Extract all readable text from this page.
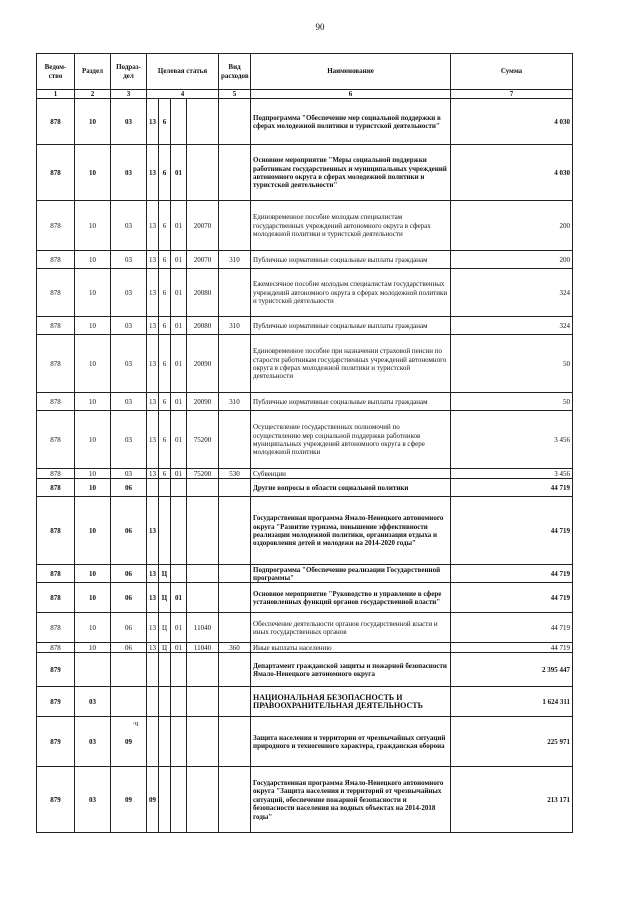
90
Ведом-ство	Раздел	Подраз-дел	Целевая статья				Вид расходов	Наименование	Сумма
1	2	3	4				5	6	7
878	10	03	13	6				Подпрограмма "Обеспечение мер социальной поддержки в сферах молодежной политики и туристской деятельности"	4 030
878	10	03	13	6	01			Основное мероприятие "Меры социальной поддержки работникам государственных и муниципальных учреждений автономного округа в сферах молодежной политики и туристской деятельности"	4 030
878	10	03	13	6	01	20070		Единовременное пособие молодым специалистам государственных учреждений автономного округа в сферах молодежной политики и туристской деятельности	200
878	10	03	13	6	01	20070	310	Публичные нормативные социальные выплаты гражданам	200
878	10	03	13	6	01	20080		Ежемесячное пособие молодым специалистам государственных учреждений автономного округа в сферах молодежной политики и туристской деятельности	324
878	10	03	13	6	01	20080	310	Публичные нормативные социальные выплаты гражданам	324
878	10	03	13	6	01	20090		Единовременное пособие при назначении страховой пенсии по старости работникам государственных учреждений автономного округа в сферах молодежной политики и туристской деятельности	50
878	10	03	13	6	01	20090	310	Публичные нормативные социальные выплаты гражданам	50
878	10	03	13	6	01	75200		Осуществление государственных полномочий по осуществлению мер социальной поддержки работников муниципальных учреждений автономного округа в сфере молодежной политики	3 456
878	10	03	13	6	01	75200	530	Субвенции	3 456
878	10	06						Другие вопросы в области социальной политики	44 719
878	10	06	13					Государственная программа Ямало-Ненецкого автономного округа "Развитие туризма, повышение эффективности реализации молодежной политики, организация отдыха и оздоровления детей и молодежи на 2014-2020 годы"	44 719
878	10	06	13	Ц				Подпрограмма "Обеспечение реализации Государственной программы"	44 719
878	10	06	13	Ц	01			Основное мероприятие "Руководство и управление в сфере установленных функций органов государственной власти"	44 719
878	10	06	13	Ц	01	11040		Обеспечение деятельности органов государственной власти и иных государственных органов	44 719
878	10	06	13	Ц	01	11040	360	Иные выплаты населению	44 719
879								Департамент гражданской защиты и пожарной безопасности Ямало-Ненецкого автономного округа	2 395 447
879	03							НАЦИОНАЛЬНАЯ БЕЗОПАСНОСТЬ И ПРАВООХРАНИТЕЛЬНАЯ ДЕЯТЕЛЬНОСТЬ	1 624 311
879	03	09						Защита населения и территории от чрезвычайных ситуаций природного и техногенного характера, гражданская оборона	225 971
879	03	09	09					Государственная программа Ямало-Ненецкого автономного округа "Защита населения и территорий от чрезвычайных ситуаций, обеспечение пожарной безопасности и безопасности населения на водных объектах на 2014-2018 годы"	213 171
·ч
